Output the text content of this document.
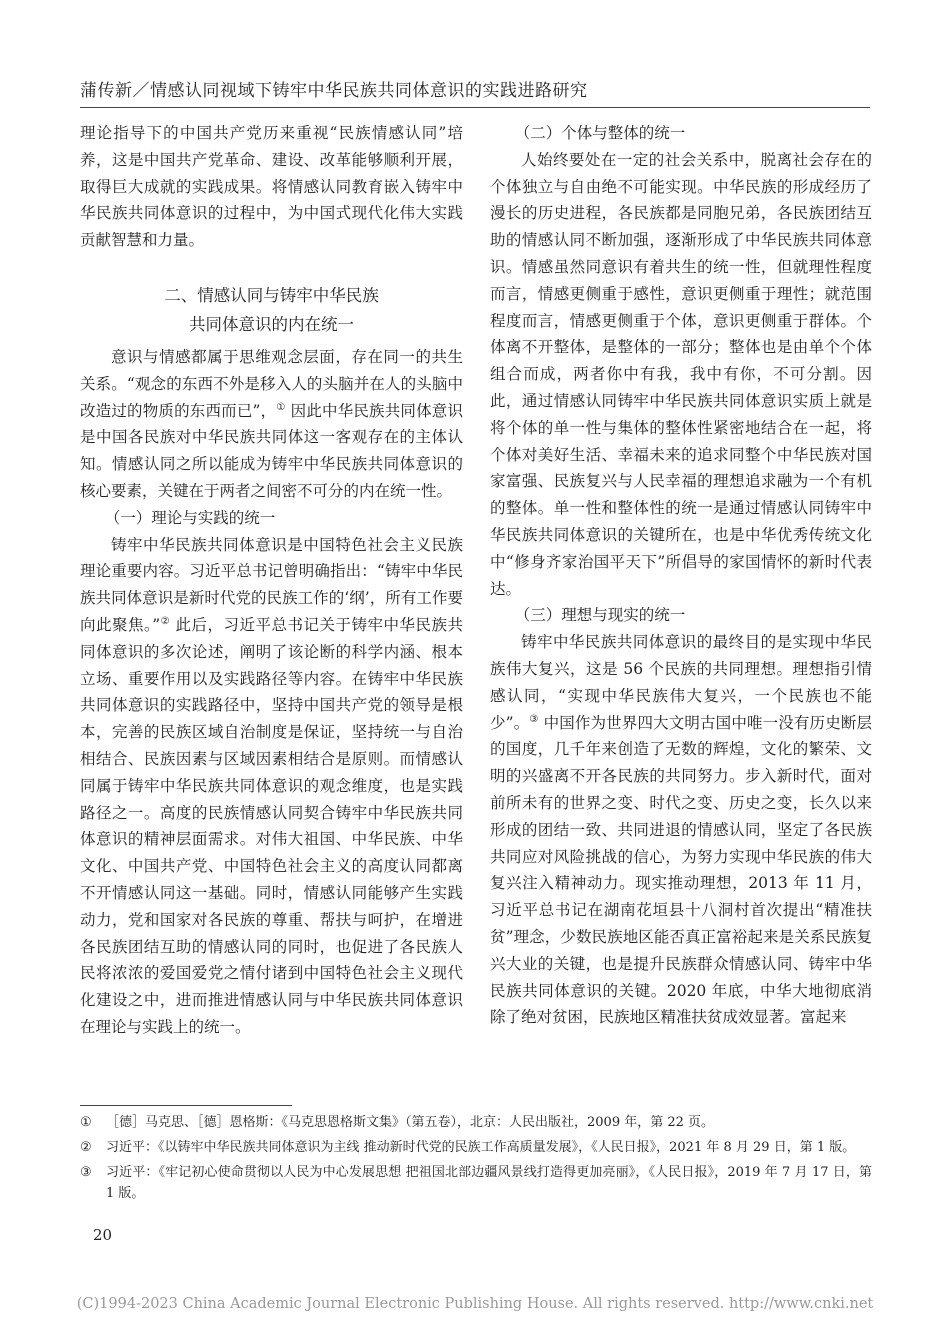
蒲传新／情感认同视域下铸牢中华民族共同体意识的实践进路研究

理论指导下的中国共产党历来重视“民族情感认同”培养，这是中国共产党革命、建设、改革能够顺利开展，取得巨大成就的实践成果。将情感认同教育嵌入铸牢中华民族共同体意识的过程中，为中国式现代化伟大实践贡献智慧和力量。

二、情感认同与铸牢中华民族
共同体意识的内在统一

意识与情感都属于思维观念层面，存在同一的共生关系。“观念的东西不外是移入人的头脑并在人的头脑中改造过的物质的东西而已”，① 因此中华民族共同体意识是中国各民族对中华民族共同体这一客观存在的主体认知。情感认同之所以能成为铸牢中华民族共同体意识的核心要素，关键在于两者之间密不可分的内在统一性。

（一）理论与实践的统一

铸牢中华民族共同体意识是中国特色社会主义民族理论重要内容。习近平总书记曾明确指出：“铸牢中华民族共同体意识是新时代党的民族工作的‘纲’，所有工作要向此聚焦。”② 此后，习近平总书记关于铸牢中华民族共同体意识的多次论述，阐明了该论断的科学内涵、根本立场、重要作用以及实践路径等内容。在铸牢中华民族共同体意识的实践路径中，坚持中国共产党的领导是根本，完善的民族区域自治制度是保证，坚持统一与自治相结合、民族因素与区域因素相结合是原则。而情感认同属于铸牢中华民族共同体意识的观念维度，也是实践路径之一。高度的民族情感认同契合铸牢中华民族共同体意识的精神层面需求。对伟大祖国、中华民族、中华文化、中国共产党、中国特色社会主义的高度认同都离不开情感认同这一基础。同时，情感认同能够产生实践动力，党和国家对各民族的尊重、帮扶与呵护，在增进各民族团结互助的情感认同的同时，也促进了各民族人民将浓浓的爱国爱党之情付诸到中国特色社会主义现代化建设之中，进而推进情感认同与中华民族共同体意识在理论与实践上的统一。

（二）个体与整体的统一

人始终要处在一定的社会关系中，脱离社会存在的个体独立与自由绝不可能实现。中华民族的形成经历了漫长的历史进程，各民族都是同胞兄弟，各民族团结互助的情感认同不断加强，逐渐形成了中华民族共同体意识。情感虽然同意识有着共生的统一性，但就理性程度而言，情感更侧重于感性，意识更侧重于理性；就范围程度而言，情感更侧重于个体，意识更侧重于群体。个体离不开整体，是整体的一部分；整体也是由单个个体组合而成，两者你中有我，我中有你，不可分割。因此，通过情感认同铸牢中华民族共同体意识实质上就是将个体的单一性与集体的整体性紧密地结合在一起，将个体对美好生活、幸福未来的追求同整个中华民族对国家富强、民族复兴与人民幸福的理想追求融为一个有机的整体。单一性和整体性的统一是通过情感认同铸牢中华民族共同体意识的关键所在，也是中华优秀传统文化中“修身齐家治国平天下”所倡导的家国情怀的新时代表达。

（三）理想与现实的统一

铸牢中华民族共同体意识的最终目的是实现中华民族伟大复兴，这是 56 个民族的共同理想。理想指引情感认同，“实现中华民族伟大复兴，一个民族也不能少”。③ 中国作为世界四大文明古国中唯一没有历史断层的国度，几千年来创造了无数的辉煌，文化的繁荣、文明的兴盛离不开各民族的共同努力。步入新时代，面对前所未有的世界之变、时代之变、历史之变，长久以来形成的团结一致、共同进退的情感认同，坚定了各民族共同应对风险挑战的信心，为努力实现中华民族的伟大复兴注入精神动力。现实推动理想，2013 年 11 月，习近平总书记在湖南花垣县十八洞村首次提出“精准扶贫”理念，少数民族地区能否真正富裕起来是关系民族复兴大业的关键，也是提升民族群众情感认同、铸牢中华民族共同体意识的关键。2020 年底，中华大地彻底消除了绝对贫困，民族地区精准扶贫成效显著。富起来

① ［德］马克思、［德］恩格斯：《马克思恩格斯文集》（第五卷），北京：人民出版社，2009 年，第 22 页。
② 习近平：《以铸牢中华民族共同体意识为主线 推动新时代党的民族工作高质量发展》，《人民日报》，2021 年 8 月 29 日，第 1 版。
③ 习近平：《牢记初心使命贯彻以人民为中心发展思想 把祖国北部边疆风景线打造得更加亮丽》，《人民日报》，2019 年 7 月 17 日，第 1 版。
20
(C)1994-2023 China Academic Journal Electronic Publishing House. All rights reserved. http://www.cnki.net
